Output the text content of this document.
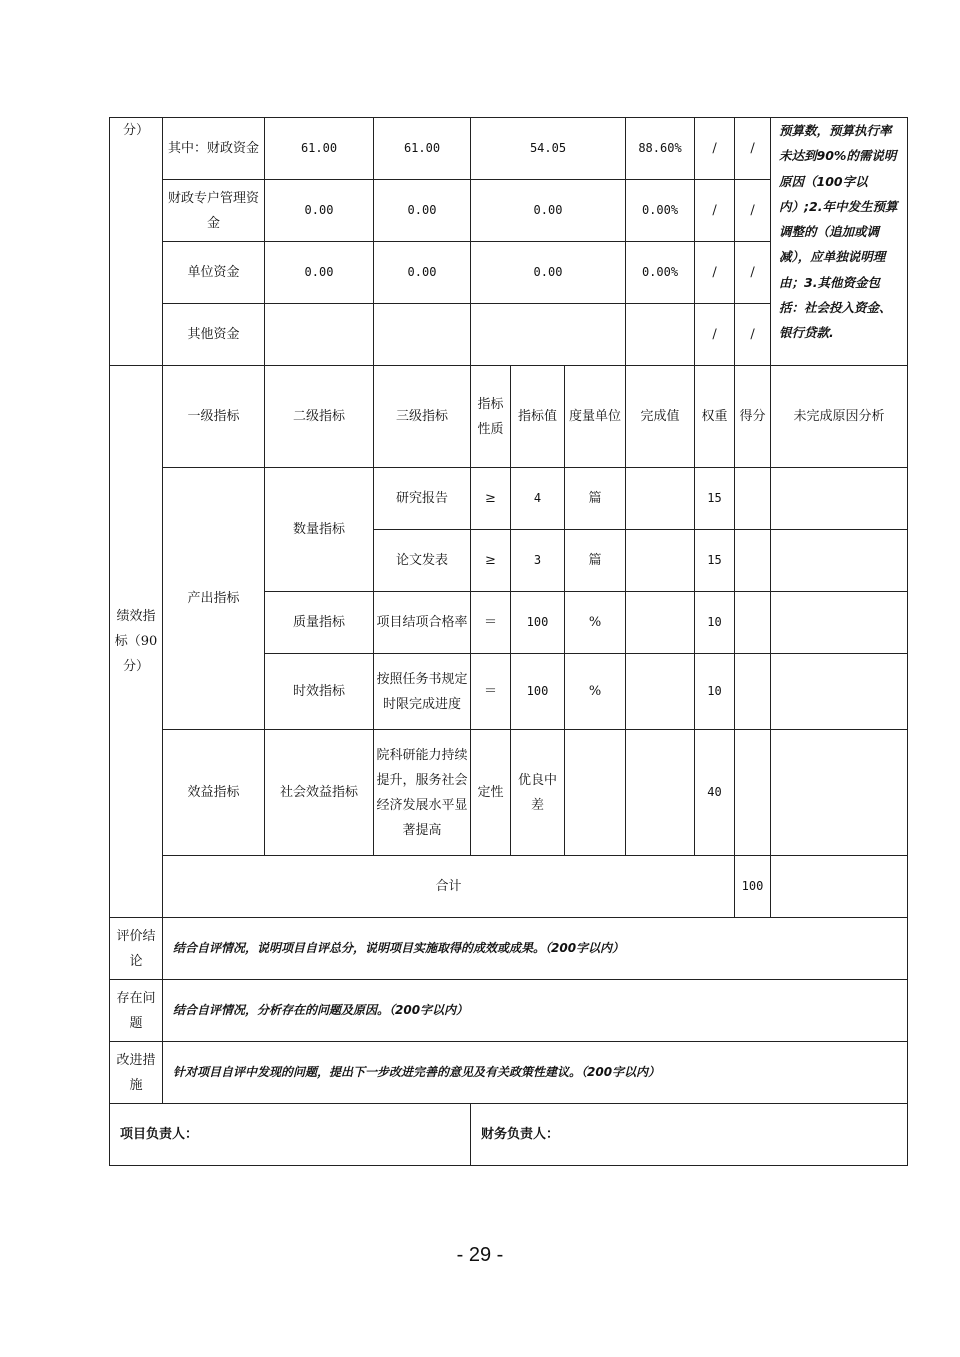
分）	其中：财政资金	61.00	61.00	54.05			88.60%	/	/	预算数，预算执行率未达到90%的需说明原因（100字以内）;2.年中发生预算调整的（追加或调减），应单独说明理由；3.其他资金包括：社会投入资金、银行贷款.	
	财政专户管理资金	0.00	0.00	0.00			0.00%	/	/		
	单位资金	0.00	0.00	0.00			0.00%	/	/		
	其他资金							/	/		
绩效指标（90分）	一级指标	二级指标	三级指标	指标性质	指标值	度量单位	完成值	权重	得分	未完成原因分析	
	产出指标	数量指标	研究报告	≥	4	篇		15			
			论文发表	≥	3	篇		15			
		质量指标	项目结项合格率	＝	100	%		10			
		时效指标	按照任务书规定时限完成进度	＝	100	%		10			
	效益指标	社会效益指标	院科研能力持续提升，服务社会经济发展水平显著提高	定性	优良中差			40			
	合计								100		
评价结论	结合自评情况，说明项目自评总分，说明项目实施取得的成效或成果。（200字以内）										
存在问题	结合自评情况，分析存在的问题及原因。（200字以内）										
改进措施	针对项目自评中发现的问题，提出下一步改进完善的意见及有关政策性建议。（200字以内）										
项目负责人：				财务负责人：							
- 29 -
